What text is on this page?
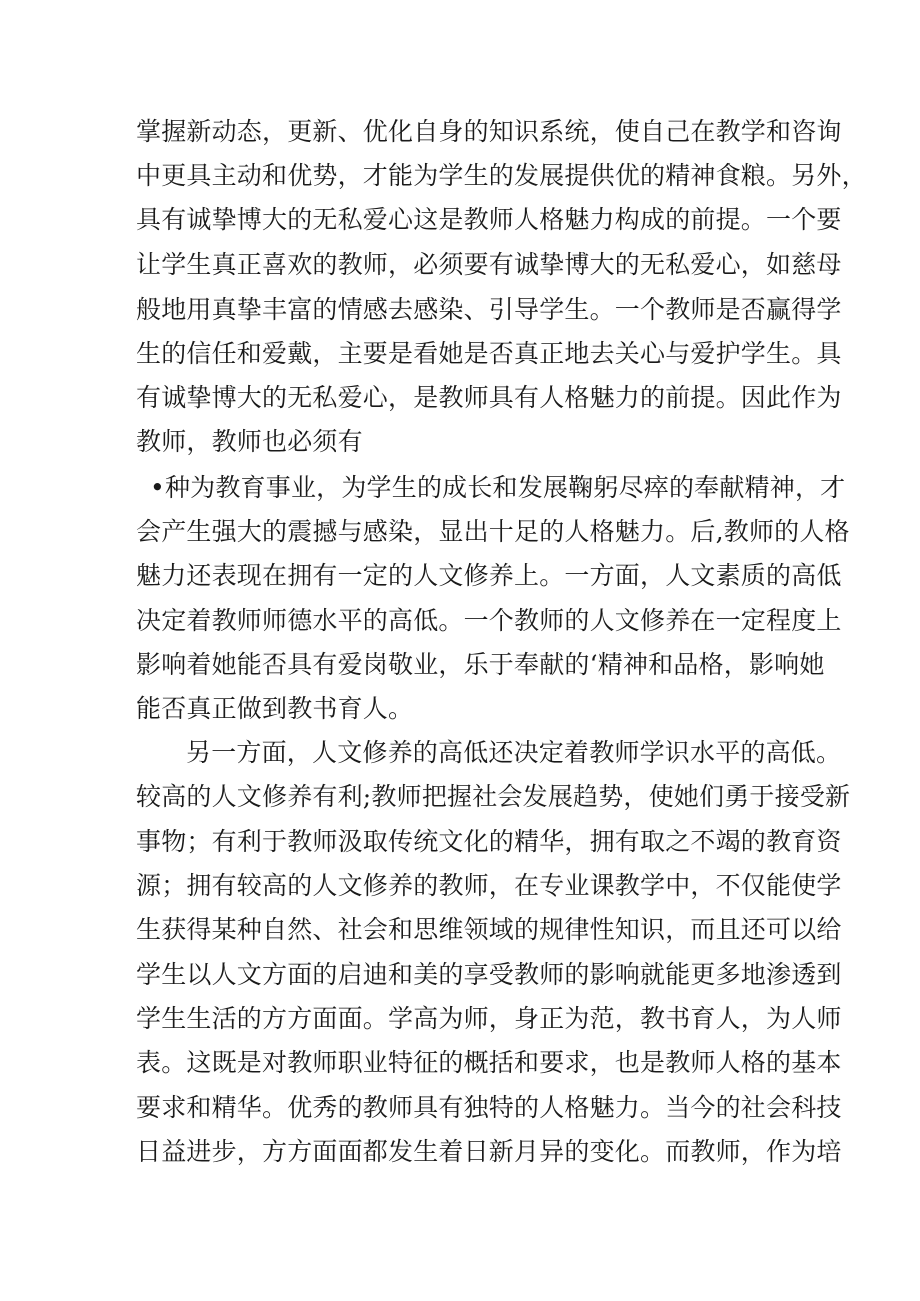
掌握新动态，更新、优化自身的知识系统，使自己在教学和咨询
中更具主动和优势，才能为学生的发展提供优的精神食粮。另外，
具有诚挚博大的无私爱心这是教师人格魅力构成的前提。一个要
让学生真正喜欢的教师，必须要有诚挚博大的无私爱心，如慈母
般地用真挚丰富的情感去感染、引导学生。一个教师是否赢得学
生的信任和爱戴，主要是看她是否真正地去关心与爱护学生。具
有诚挚博大的无私爱心，是教师具有人格魅力的前提。因此作为
教师，教师也必须有
•种为教育事业，为学生的成长和发展鞠躬尽瘁的奉献精神，才
会产生强大的震撼与感染，显出十足的人格魅力。后,教师的人格
魅力还表现在拥有一定的人文修养上。一方面，人文素质的高低
决定着教师师德水平的高低。一个教师的人文修养在一定程度上
影响着她能否具有爱岗敬业，乐于奉献的‘精神和品格，影响她
能否真正做到教书育人。
另一方面，人文修养的高低还决定着教师学识水平的高低。
较高的人文修养有利;教师把握社会发展趋势，使她们勇于接受新
事物；有利于教师汲取传统文化的精华，拥有取之不竭的教育资
源；拥有较高的人文修养的教师，在专业课教学中，不仅能使学
生获得某种自然、社会和思维领域的规律性知识，而且还可以给
学生以人文方面的启迪和美的享受教师的影响就能更多地渗透到
学生生活的方方面面。学高为师，身正为范，教书育人，为人师
表。这既是对教师职业特征的概括和要求，也是教师人格的基本
要求和精华。优秀的教师具有独特的人格魅力。当今的社会科技
日益进步，方方面面都发生着日新月异的变化。而教师，作为培
